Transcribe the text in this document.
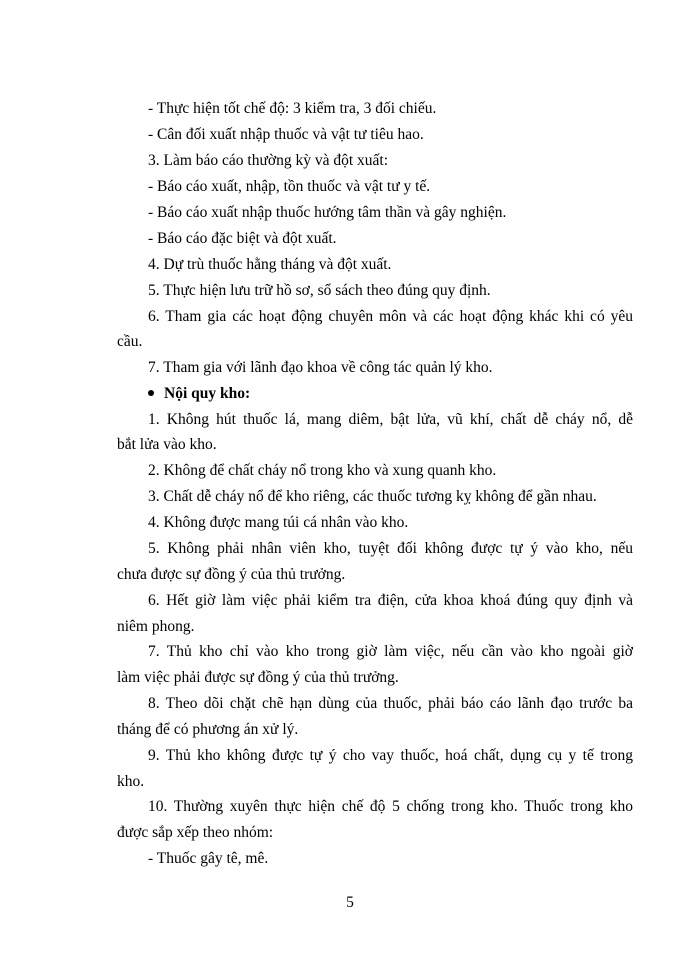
- Thực hiện tốt chế độ: 3 kiểm tra, 3 đối chiếu.
- Cân đối xuất nhập thuốc và vật tư tiêu hao.
3. Làm báo cáo thường kỳ và đột xuất:
- Báo cáo xuất, nhập, tồn thuốc và vật tư y tế.
- Báo cáo xuất nhập thuốc hướng tâm thần và gây nghiện.
- Báo cáo đặc biệt và đột xuất.
4. Dự trù thuốc hằng tháng và đột xuất.
5. Thực hiện lưu trữ hồ sơ, sổ sách theo đúng quy định.
6. Tham gia các hoạt động chuyên môn và các hoạt động khác khi có yêu
cầu.
7. Tham gia với lãnh đạo khoa về công tác quản lý kho.
Nội quy kho:
1. Không hút thuốc lá, mang diêm, bật lửa, vũ khí, chất dễ cháy nổ, dễ
bắt lửa vào kho.
2. Không để chất cháy nổ trong kho và xung quanh kho.
3. Chất dễ cháy nổ để kho riêng, các thuốc tương kỵ không để gần nhau.
4. Không được mang túi cá nhân vào kho.
5. Không phải nhân viên kho, tuyệt đối không được tự ý vào kho, nếu
chưa được sự đồng ý của thủ trưởng.
6. Hết giờ làm việc phải kiểm tra điện, cửa khoa khoá đúng quy định và
niêm phong.
7. Thủ kho chỉ vào kho trong giờ làm việc, nếu cần vào kho ngoài giờ
làm việc phải được sự đồng ý của thủ trưởng.
8. Theo dõi chặt chẽ hạn dùng của thuốc, phải báo cáo lãnh đạo trước ba
tháng để có phương án xử lý.
9. Thủ kho không được tự ý cho vay thuốc, hoá chất, dụng cụ y tế trong
kho.
10. Thường xuyên thực hiện chế độ 5 chống trong kho. Thuốc trong kho
được sắp xếp theo nhóm:
- Thuốc gây tê, mê.
5
